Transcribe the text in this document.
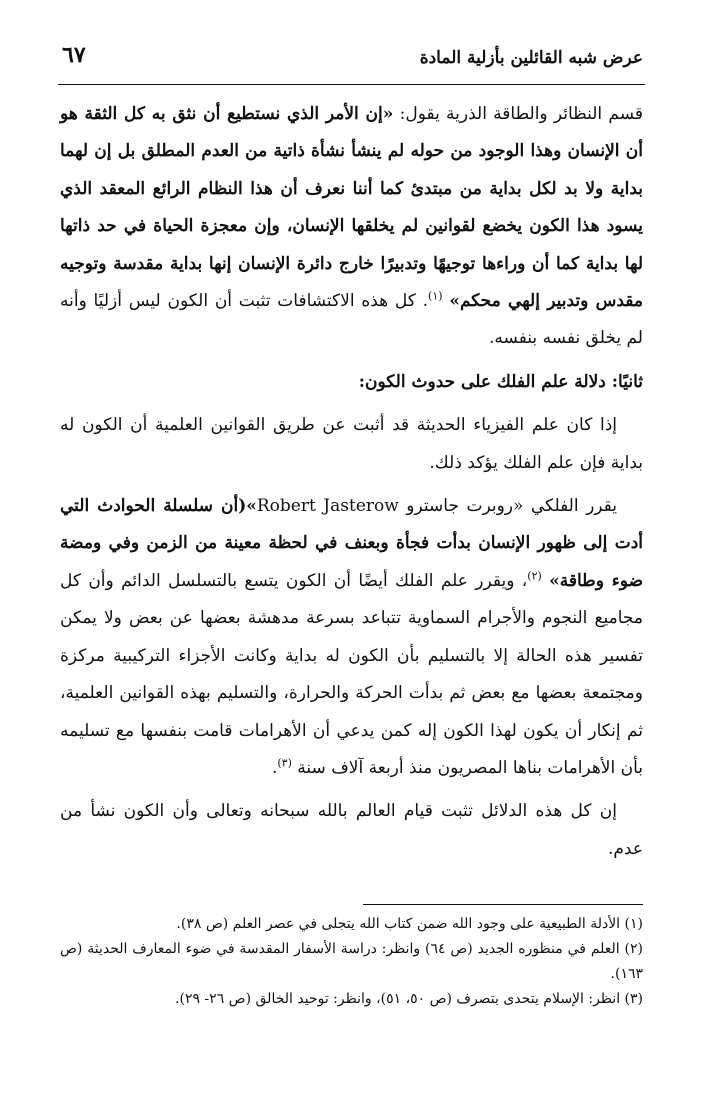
عرض شبه القائلين بأزلية المادة
٦٧

قسم النظائر والطاقة الذرية يقول: «إن الأمر الذي نستطيع أن نثق به كل الثقة هو أن الإنسان وهذا الوجود من حوله لم ينشأ نشأة ذاتية من العدم المطلق بل إن لهما بداية ولا بد لكل بداية من مبتدئ كما أننا نعرف أن هذا النظام الرائع المعقد الذي يسود هذا الكون يخضع لقوانين لم يخلقها الإنسان، وإن معجزة الحياة في حد ذاتها لها بداية كما أن وراءها توجيهًا وتدبيرًا خارج دائرة الإنسان إنها بداية مقدسة وتوجيه مقدس وتدبير إلهي محكم» $^{(١)}$. كل هذه الاكتشافات تثبت أن الكون ليس أزليًا وأنه لم يخلق نفسه بنفسه.

ثانيًا: دلالة علم الفلك على حدوث الكون:

إذا كان علم الفيزياء الحديثة قد أثبت عن طريق القوانين العلمية أن الكون له بداية فإن علم الفلك يؤكد ذلك.

يقرر الفلكي «روبرت جاسترو Robert Jasterow»(أن سلسلة الحوادث التي أدت إلى ظهور الإنسان بدأت فجأة وبعنف في لحظة معينة من الزمن وفي ومضة ضوء وطاقة» $^{(٢)}$، ويقرر علم الفلك أيضًا أن الكون يتسع بالتسلسل الدائم وأن كل مجاميع النجوم والأجرام السماوية تتباعد بسرعة مدهشة بعضها عن بعض ولا يمكن تفسير هذه الحالة إلا بالتسليم بأن الكون له بداية وكانت الأجزاء التركيبية مركزة ومجتمعة بعضها مع بعض ثم بدأت الحركة والحرارة، والتسليم بهذه القوانين العلمية، ثم إنكار أن يكون لهذا الكون إله كمن يدعي أن الأهرامات قامت بنفسها مع تسليمه بأن الأهرامات بناها المصريون منذ أربعة آلاف سنة $^{(٣)}$.

إن كل هذه الدلائل تثبت قيام العالم بالله سبحانه وتعالى وأن الكون نشأ من عدم.

(١) الأدلة الطبيعية على وجود الله ضمن كتاب الله يتجلى في عصر العلم (ص ٣٨).
(٢) العلم في منظوره الجديد (ص ٦٤) وانظر: دراسة الأسفار المقدسة في ضوء المعارف الحديثة (ص ١٦٣).
(٣) انظر: الإسلام يتحدى بتصرف (ص ٥٠، ٥١)، وانظر: توحيد الخالق (ص ٢٦- ٢٩).
